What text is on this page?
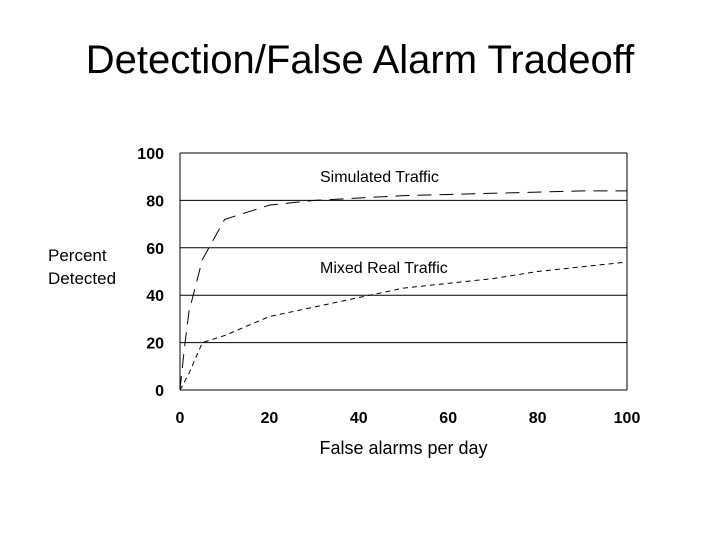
Detection/False Alarm Tradeoff
Percent
Detected
0
20
40
60
80
100
0	20	40	60	80	100
Simulated Traffic
Mixed Real Traffic
False alarms per day
